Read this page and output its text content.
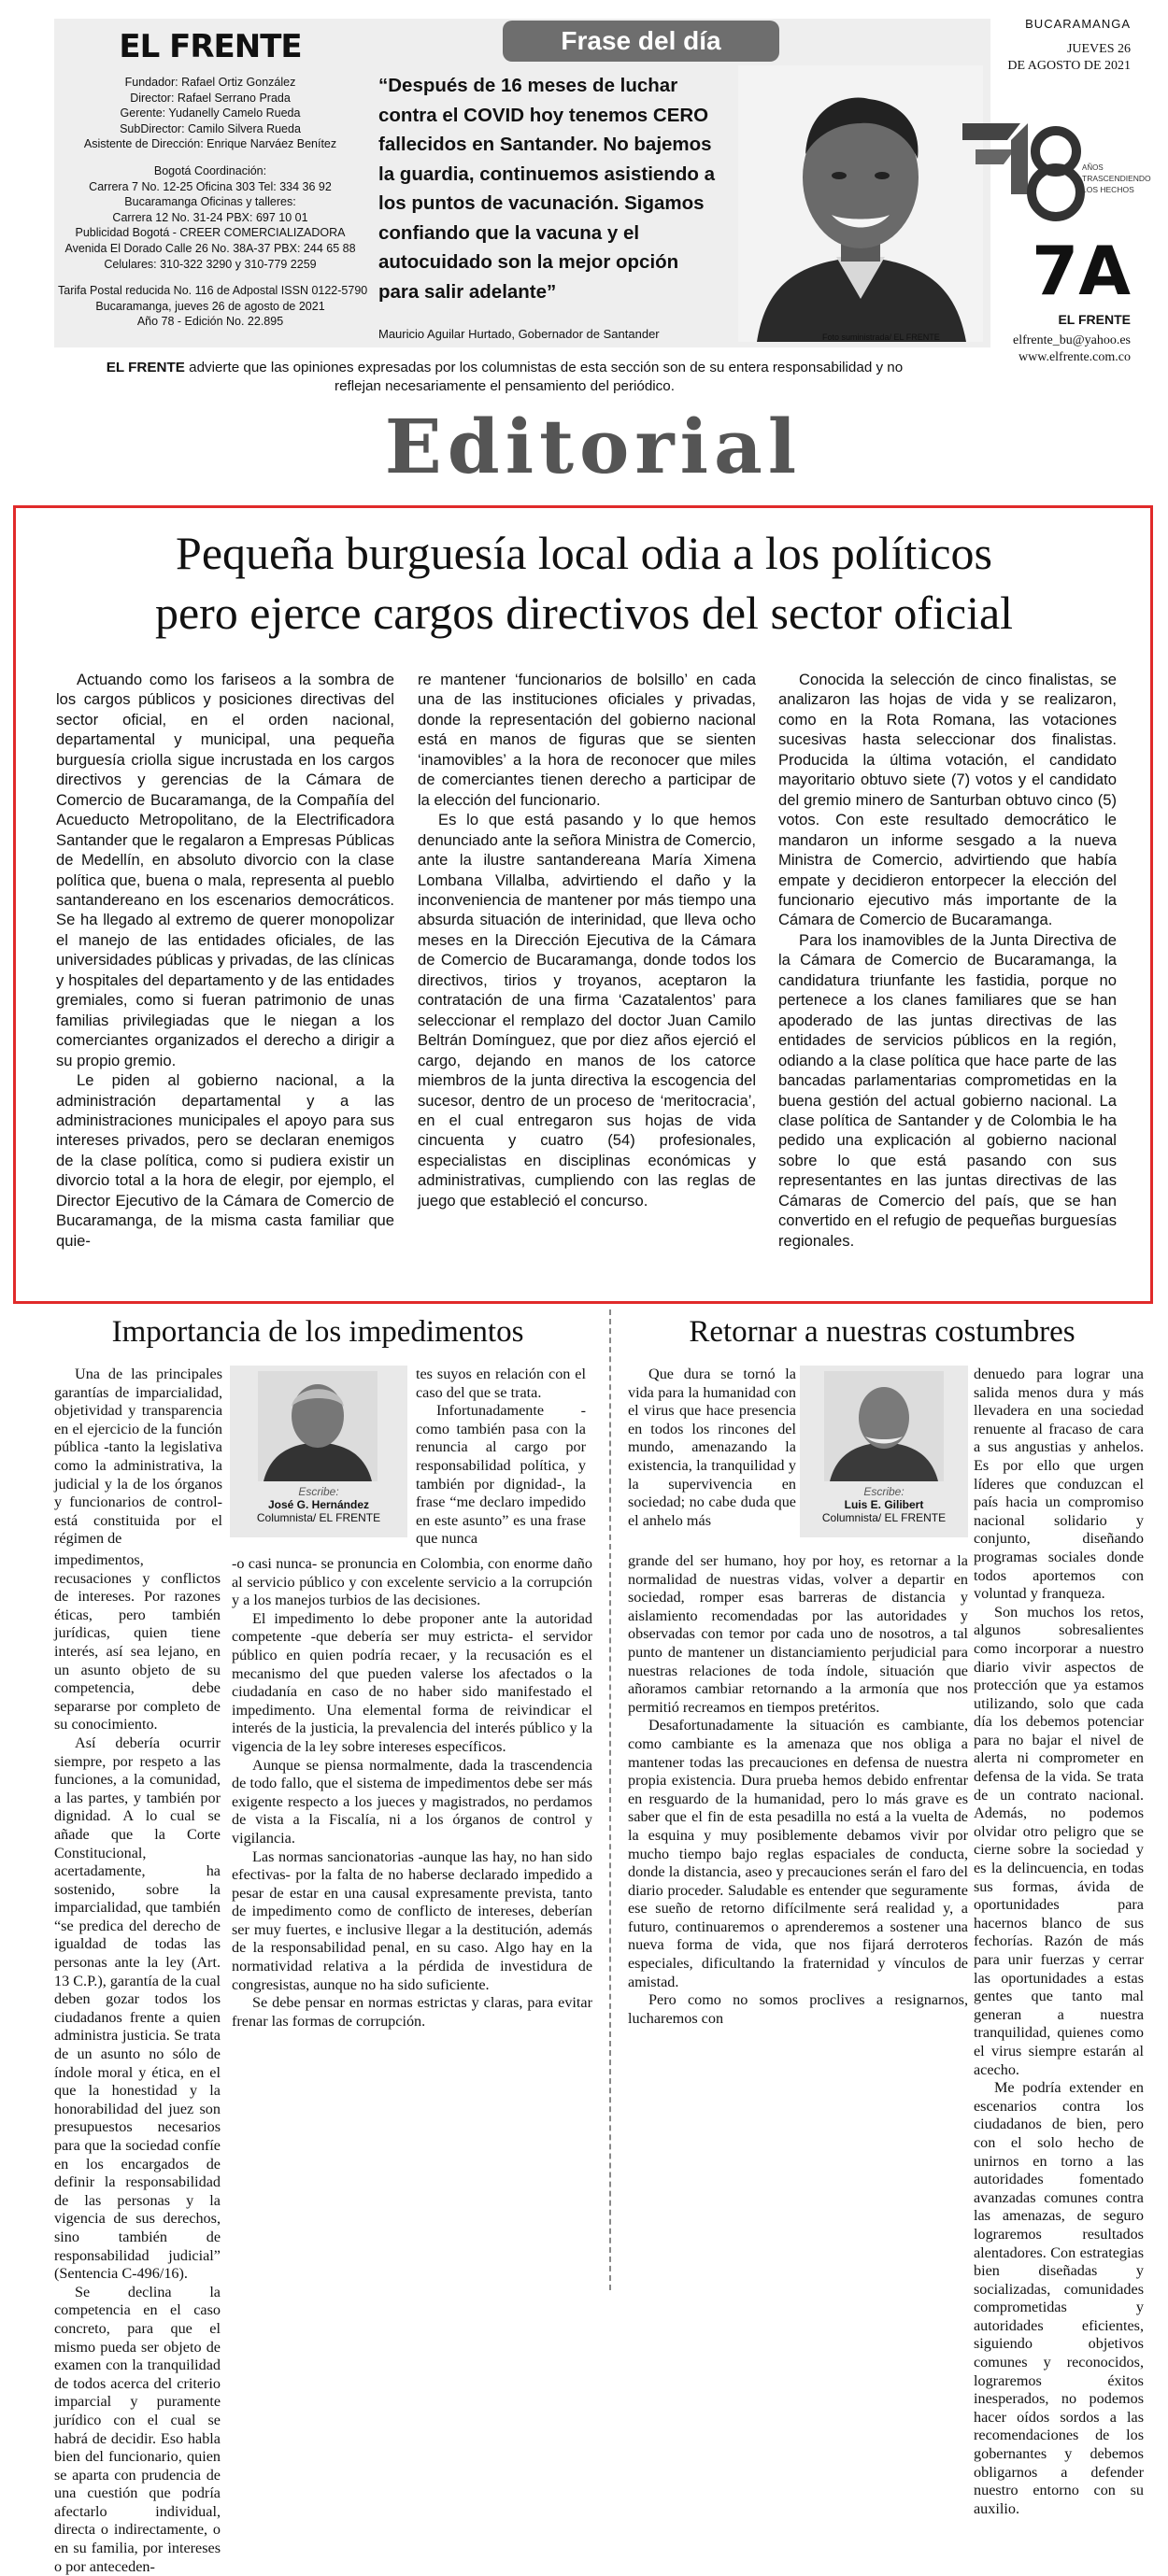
EL FRENTE
Fundador: Rafael Ortiz González
Director: Rafael Serrano Prada
Gerente: Yudanelly Camelo Rueda
SubDirector: Camilo Silvera Rueda
Asistente de Dirección: Enrique Narváez Benítez
Bogotá Coordinación:
Carrera 7 No. 12-25 Oficina 303 Tel: 334 36 92
Bucaramanga Oficinas y talleres:
Carrera 12 No. 31-24 PBX: 697 10 01
Publicidad Bogotá - CREER COMERCIALIZADORA
Avenida El Dorado Calle 26 No. 38A-37 PBX: 244 65 88
Celulares: 310-322 3290 y 310-779 2259
Tarifa Postal reducida No. 116 de Adpostal ISSN 0122-5790
Bucaramanga, jueves 26 de agosto de 2021
Año 78 - Edición No. 22.895
Frase del día
“Después de 16 meses de luchar contra el COVID hoy tenemos CERO fallecidos en Santander. No bajemos la guardia, continuemos asistiendo a los puntos de vacunación. Sigamos confiando que la vacuna y el autocuidado son la mejor opción para salir adelante”
Mauricio Aguilar Hurtado, Gobernador de Santander	Foto suministrada/ EL FRENTE
BUCARAMANGA
JUEVES 26
DE AGOSTO DE 2021
AÑOS
TRASCENDIENDO
LOS HECHOS
7A
EL FRENTE
elfrente_bu@yahoo.es
www.elfrente.com.co
EL FRENTE advierte que las opiniones expresadas por los columnistas de esta sección son de su entera responsabilidad y no reflejan necesariamente el pensamiento del periódico.
Editorial
Pequeña burguesía local odia a los políticos
pero ejerce cargos directivos del sector oficial

Actuando como los fariseos a la sombra de los cargos públicos y posiciones directivas del sector oficial, en el orden nacional, departamental y municipal, una pequeña burguesía criolla sigue incrustada en los cargos directivos y gerencias de la Cámara de Comercio de Bucaramanga, de la Compañía del Acueducto Metropolitano, de la Electrificadora Santander que le regalaron a Empresas Públicas de Medellín, en absoluto divorcio con la clase política que, buena o mala, representa al pueblo santandereano en los escenarios democráticos. Se ha llegado al extremo de querer monopolizar el manejo de las entidades oficiales, de las universidades públicas y privadas, de las clínicas y hospitales del departamento y de las entidades gremiales, como si fueran patrimonio de unas familias privilegiadas que le niegan a los comerciantes organizados el derecho a dirigir a su propio gremio.

Le piden al gobierno nacional, a la administración departamental y a las administraciones municipales el apoyo para sus intereses privados, pero se declaran enemigos de la clase política, como si pudiera existir un divorcio total a la hora de elegir, por ejemplo, el Director Ejecutivo de la Cámara de Comercio de Bucaramanga, de la misma casta familiar que quie-

re mantener ‘funcionarios de bolsillo’ en cada una de las instituciones oficiales y privadas, donde la representación del gobierno nacional está en manos de figuras que se sienten ‘inamovibles’ a la hora de reconocer que miles de comerciantes tienen derecho a participar de la elección del funcionario.

Es lo que está pasando y lo que hemos denunciado ante la señora Ministra de Comercio, ante la ilustre santandereana María Ximena Lombana Villalba, advirtiendo el daño y la inconveniencia de mantener por más tiempo una absurda situación de interinidad, que lleva ocho meses en la Dirección Ejecutiva de la Cámara de Comercio de Bucaramanga, donde todos los directivos, tirios y troyanos, aceptaron la contratación de una firma ‘Cazatalentos’ para seleccionar el remplazo del doctor Juan Camilo Beltrán Domínguez, que por diez años ejerció el cargo, dejando en manos de los catorce miembros de la junta directiva la escogencia del sucesor, dentro de un proceso de ‘meritocracia’, en el cual entregaron sus hojas de vida cincuenta y cuatro (54) profesionales, especialistas en disciplinas económicas y administrativas, cumpliendo con las reglas de juego que estableció el concurso.

Conocida la selección de cinco finalistas, se analizaron las hojas de vida y se realizaron, como en la Rota Romana, las votaciones sucesivas hasta seleccionar dos finalistas. Producida la última votación, el candidato mayoritario obtuvo siete (7) votos y el candidato del gremio minero de Santurban obtuvo cinco (5) votos. Con este resultado democrático le mandaron un informe sesgado a la nueva Ministra de Comercio, advirtiendo que había empate y decidieron entorpecer la elección del funcionario ejecutivo más importante de la Cámara de Comercio de Bucaramanga.

Para los inamovibles de la Junta Directiva de la Cámara de Comercio de Bucaramanga, la candidatura triunfante les fastidia, porque no pertenece a los clanes familiares que se han apoderado de las juntas directivas de las entidades de servicios públicos en la región, odiando a la clase política que hace parte de las bancadas parlamentarias comprometidas en la buena gestión del actual gobierno nacional. La clase política de Santander y de Colombia le ha pedido una explicación al gobierno nacional sobre lo que está pasando con sus representantes en las juntas directivas de las Cámaras de Comercio del país, que se han convertido en el refugio de pequeñas burguesías regionales.

Importancia de los impedimentos	Retornar a nuestras costumbres

Una de las principales garantías de imparcialidad, objetividad y transparencia en el ejercicio de la función pública -tanto la legislativa como la administrativa, la judicial y la de los órganos y funcionarios de control- está constituida por el régimen de

Escribe:
José G. Hernández
Columnista/ EL FRENTE

tes suyos en relación con el caso del que se trata.

Infortunadamente -como también pasa con la renuncia al cargo por responsabilidad política, y también por dignidad-, la frase “me declaro impedido en este asunto” es una frase que nunca

impedimentos, recusaciones y conflictos de intereses. Por razones éticas, pero también jurídicas, quien tiene interés, así sea lejano, en un asunto objeto de su competencia, debe separarse por completo de su conocimiento.

Así debería ocurrir siempre, por respeto a las funciones, a la comunidad, a las partes, y también por dignidad. A lo cual se añade que la Corte Constitucional, acertadamente, ha sostenido, sobre la imparcialidad, que también “se predica del derecho de igualdad de todas las personas ante la ley (Art. 13 C.P.), garantía de la cual deben gozar todos los ciudadanos frente a quien administra justicia. Se trata de un asunto no sólo de índole moral y ética, en el que la honestidad y la honorabilidad del juez son presupuestos necesarios para que la sociedad confíe en los encargados de definir la responsabilidad de las personas y la vigencia de sus derechos, sino también de responsabilidad judicial” (Sentencia C-496/16).

Se declina la competencia en el caso concreto, para que el mismo pueda ser objeto de examen con la tranquilidad de todos acerca del criterio imparcial y puramente jurídico con el cual se habrá de decidir. Eso habla bien del funcionario, quien se aparta con prudencia de una cuestión que podría afectarlo individual, directa o indirectamente, o en su familia, por intereses o por anteceden-

-o casi nunca- se pronuncia en Colombia, con enorme daño al servicio público y con excelente servicio a la corrupción y a los manejos turbios de las decisiones.

El impedimento lo debe proponer ante la autoridad competente -que debería ser muy estricta- el servidor público en quien podría recaer, y la recusación es el mecanismo del que pueden valerse los afectados o la ciudadanía en caso de no haber sido manifestado el impedimento. Una elemental forma de reivindicar el interés de la justicia, la prevalencia del interés público y la vigencia de la ley sobre intereses específicos.

Aunque se piensa normalmente, dada la trascendencia de todo fallo, que el sistema de impedimentos debe ser más exigente respecto a los jueces y magistrados, no perdamos de vista a la Fiscalía, ni a los órganos de control y vigilancia.

Las normas sancionatorias -aunque las hay, no han sido efectivas- por la falta de no haberse declarado impedido a pesar de estar en una causal expresamente prevista, tanto de impedimento como de conflicto de intereses, deberían ser muy fuertes, e inclusive llegar a la destitución, además de la responsabilidad penal, en su caso. Algo hay en la normatividad relativa a la pérdida de investidura de congresistas, aunque no ha sido suficiente.

Se debe pensar en normas estrictas y claras, para evitar frenar las formas de corrupción.

Que dura se tornó la vida para la humanidad con el virus que hace presencia en todos los rincones del mundo, amenazando la existencia, la tranquilidad y la supervivencia en sociedad; no cabe duda que el anhelo más

Escribe:
Luis E. Gilibert
Columnista/ EL FRENTE

grande del ser humano, hoy por hoy, es retornar a la normalidad de nuestras vidas, volver a departir en sociedad, romper esas barreras de distancia y aislamiento recomendadas por las autoridades y observadas con temor por cada uno de nosotros, a tal punto de mantener un distanciamiento perjudicial para nuestras relaciones de toda índole, situación que añoramos cambiar retornando a la armonía que nos permitió recreamos en tiempos pretéritos.

Desafortunadamente la situación es cambiante, como cambiante es la amenaza que nos obliga a mantener todas las precauciones en defensa de nuestra propia existencia. Dura prueba hemos debido enfrentar en resguardo de la humanidad, pero lo más grave es saber que el fin de esta pesadilla no está a la vuelta de la esquina y muy posiblemente debamos vivir por mucho tiempo bajo reglas espaciales de conducta, donde la distancia, aseo y precauciones serán el faro del diario proceder. Saludable es entender que seguramente ese sueño de retorno difícilmente será realidad y, a futuro, continuaremos o aprenderemos a sostener una nueva forma de vida, que nos fijará derroteros especiales, dificultando la fraternidad y vínculos de amistad.

Pero como no somos proclives a resignarnos, lucharemos con

denuedo para lograr una salida menos dura y más llevadera en una sociedad renuente al fracaso de cara a sus angustias y anhelos. Es por ello que urgen líderes que conduzcan el país hacia un compromiso nacional solidario y conjunto, diseñando programas sociales donde todos aportemos con voluntad y franqueza.

Son muchos los retos, algunos sobresalientes como incorporar a nuestro diario vivir aspectos de protección que ya estamos utilizando, solo que cada día los debemos potenciar para no bajar el nivel de alerta ni comprometer en defensa de la vida. Se trata de un contrato nacional. Además, no podemos olvidar otro peligro que se cierne sobre la sociedad y es la delincuencia, en todas sus formas, ávida de oportunidades para hacernos blanco de sus fechorías. Razón de más para unir fuerzas y cerrar las oportunidades a estas gentes que tanto mal generan a nuestra tranquilidad, quienes como el virus siempre estarán al acecho.

Me podría extender en escenarios contra los ciudadanos de bien, pero con el solo hecho de unirnos en torno a las autoridades fomentado avanzadas comunes contra las amenazas, de seguro lograremos resultados alentadores. Con estrategias bien diseñadas y socializadas, comunidades comprometidas y autoridades eficientes, siguiendo objetivos comunes y reconocidos, lograremos éxitos inesperados, no podemos hacer oídos sordos a las recomendaciones de los gobernantes y debemos obligarnos a defender nuestro entorno con su auxilio.
